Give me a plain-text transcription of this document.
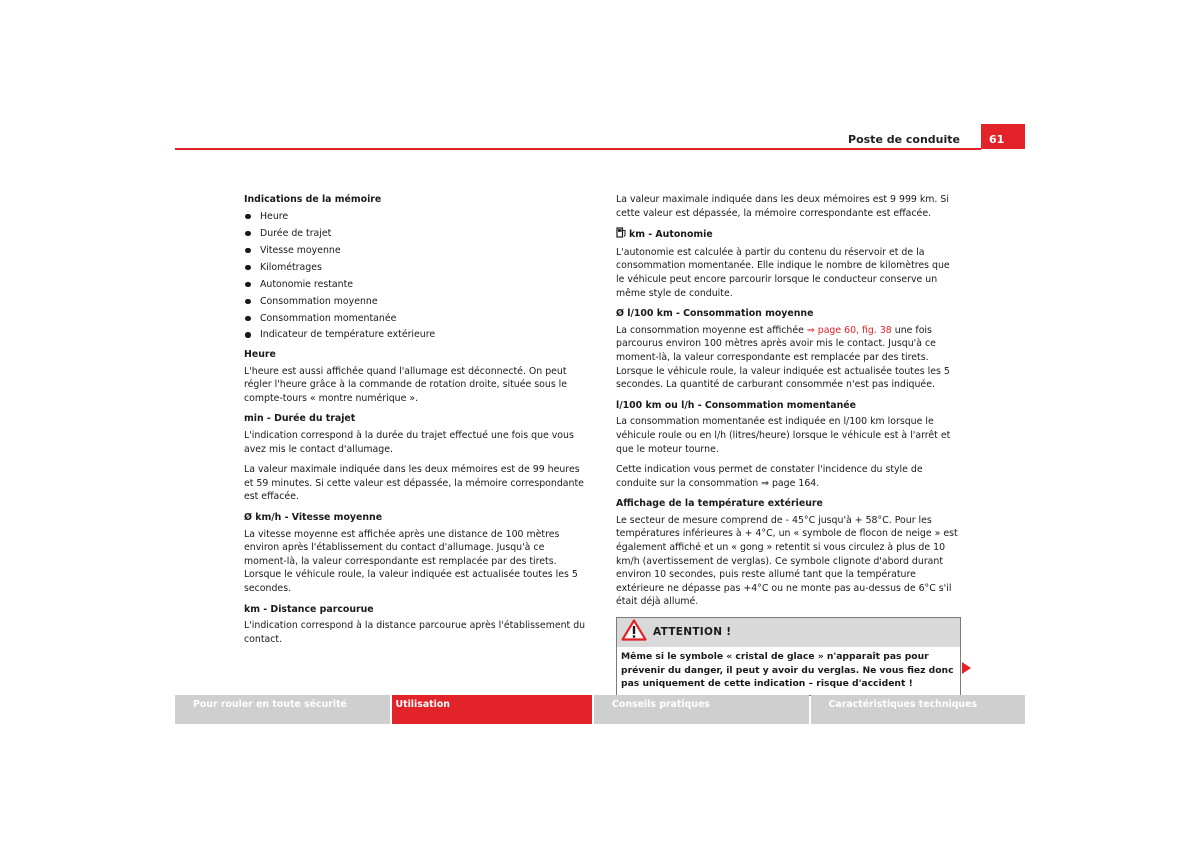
Poste de conduite	61
Indications de la mémoire
Heure
Durée de trajet
Vitesse moyenne
Kilométrages
Autonomie restante
Consommation moyenne
Consommation momentanée
Indicateur de température extérieure
Heure

L'heure est aussi affichée quand l'allumage est déconnecté. On peut régler l'heure grâce à la commande de rotation droite, située sous le compte-tours « montre numérique ».

min - Durée du trajet

L'indication correspond à la durée du trajet effectué une fois que vous avez mis le contact d'allumage.

La valeur maximale indiquée dans les deux mémoires est de 99 heures et 59 minutes. Si cette valeur est dépassée, la mémoire correspondante est effacée.

Ø km/h - Vitesse moyenne

La vitesse moyenne est affichée après une distance de 100 mètres environ après l'établissement du contact d'allumage. Jusqu'à ce moment-là, la valeur correspondante est remplacée par des tirets. Lorsque le véhicule roule, la valeur indiquée est actualisée toutes les 5 secondes.

km - Distance parcourue

L'indication correspond à la distance parcourue après l'établissement du contact.

La valeur maximale indiquée dans les deux mémoires est 9 999 km. Si cette valeur est dépassée, la mémoire correspondante est effacée.

km - Autonomie

L'autonomie est calculée à partir du contenu du réservoir et de la consommation momentanée. Elle indique le nombre de kilomètres que le véhicule peut encore parcourir lorsque le conducteur conserve un même style de conduite.

Ø l/100 km - Consommation moyenne

La consommation moyenne est affichée ⇒ page 60, fig. 38 une fois parcourus environ 100 mètres après avoir mis le contact. Jusqu'à ce moment-là, la valeur correspondante est remplacée par des tirets. Lorsque le véhicule roule, la valeur indiquée est actualisée toutes les 5 secondes. La quantité de carburant consommée n'est pas indiquée.

l/100 km ou l/h - Consommation momentanée

La consommation momentanée est indiquée en l/100 km lorsque le véhicule roule ou en l/h (litres/heure) lorsque le véhicule est à l'arrêt et que le moteur tourne.

Cette indication vous permet de constater l'incidence du style de conduite sur la consommation ⇒ page 164.

Affichage de la température extérieure

Le secteur de mesure comprend de - 45°C jusqu'à + 58°C. Pour les températures inférieures à + 4°C, un « symbole de flocon de neige » est également affiché et un « gong » retentit si vous circulez à plus de 10 km/h (avertissement de verglas). Ce symbole clignote d'abord durant environ 10 secondes, puis reste allumé tant que la température extérieure ne dépasse pas +4°C ou ne monte pas au-dessus de 6°C s'il était déjà allumé.

ATTENTION !
Même si le symbole « cristal de glace » n'apparaît pas pour prévenir du danger, il peut y avoir du verglas. Ne vous fiez donc pas uniquement de cette indication – risque d'accident !
Pour rouler en toute sécurité	Utilisation	Conseils pratiques	Caractéristiques techniques
